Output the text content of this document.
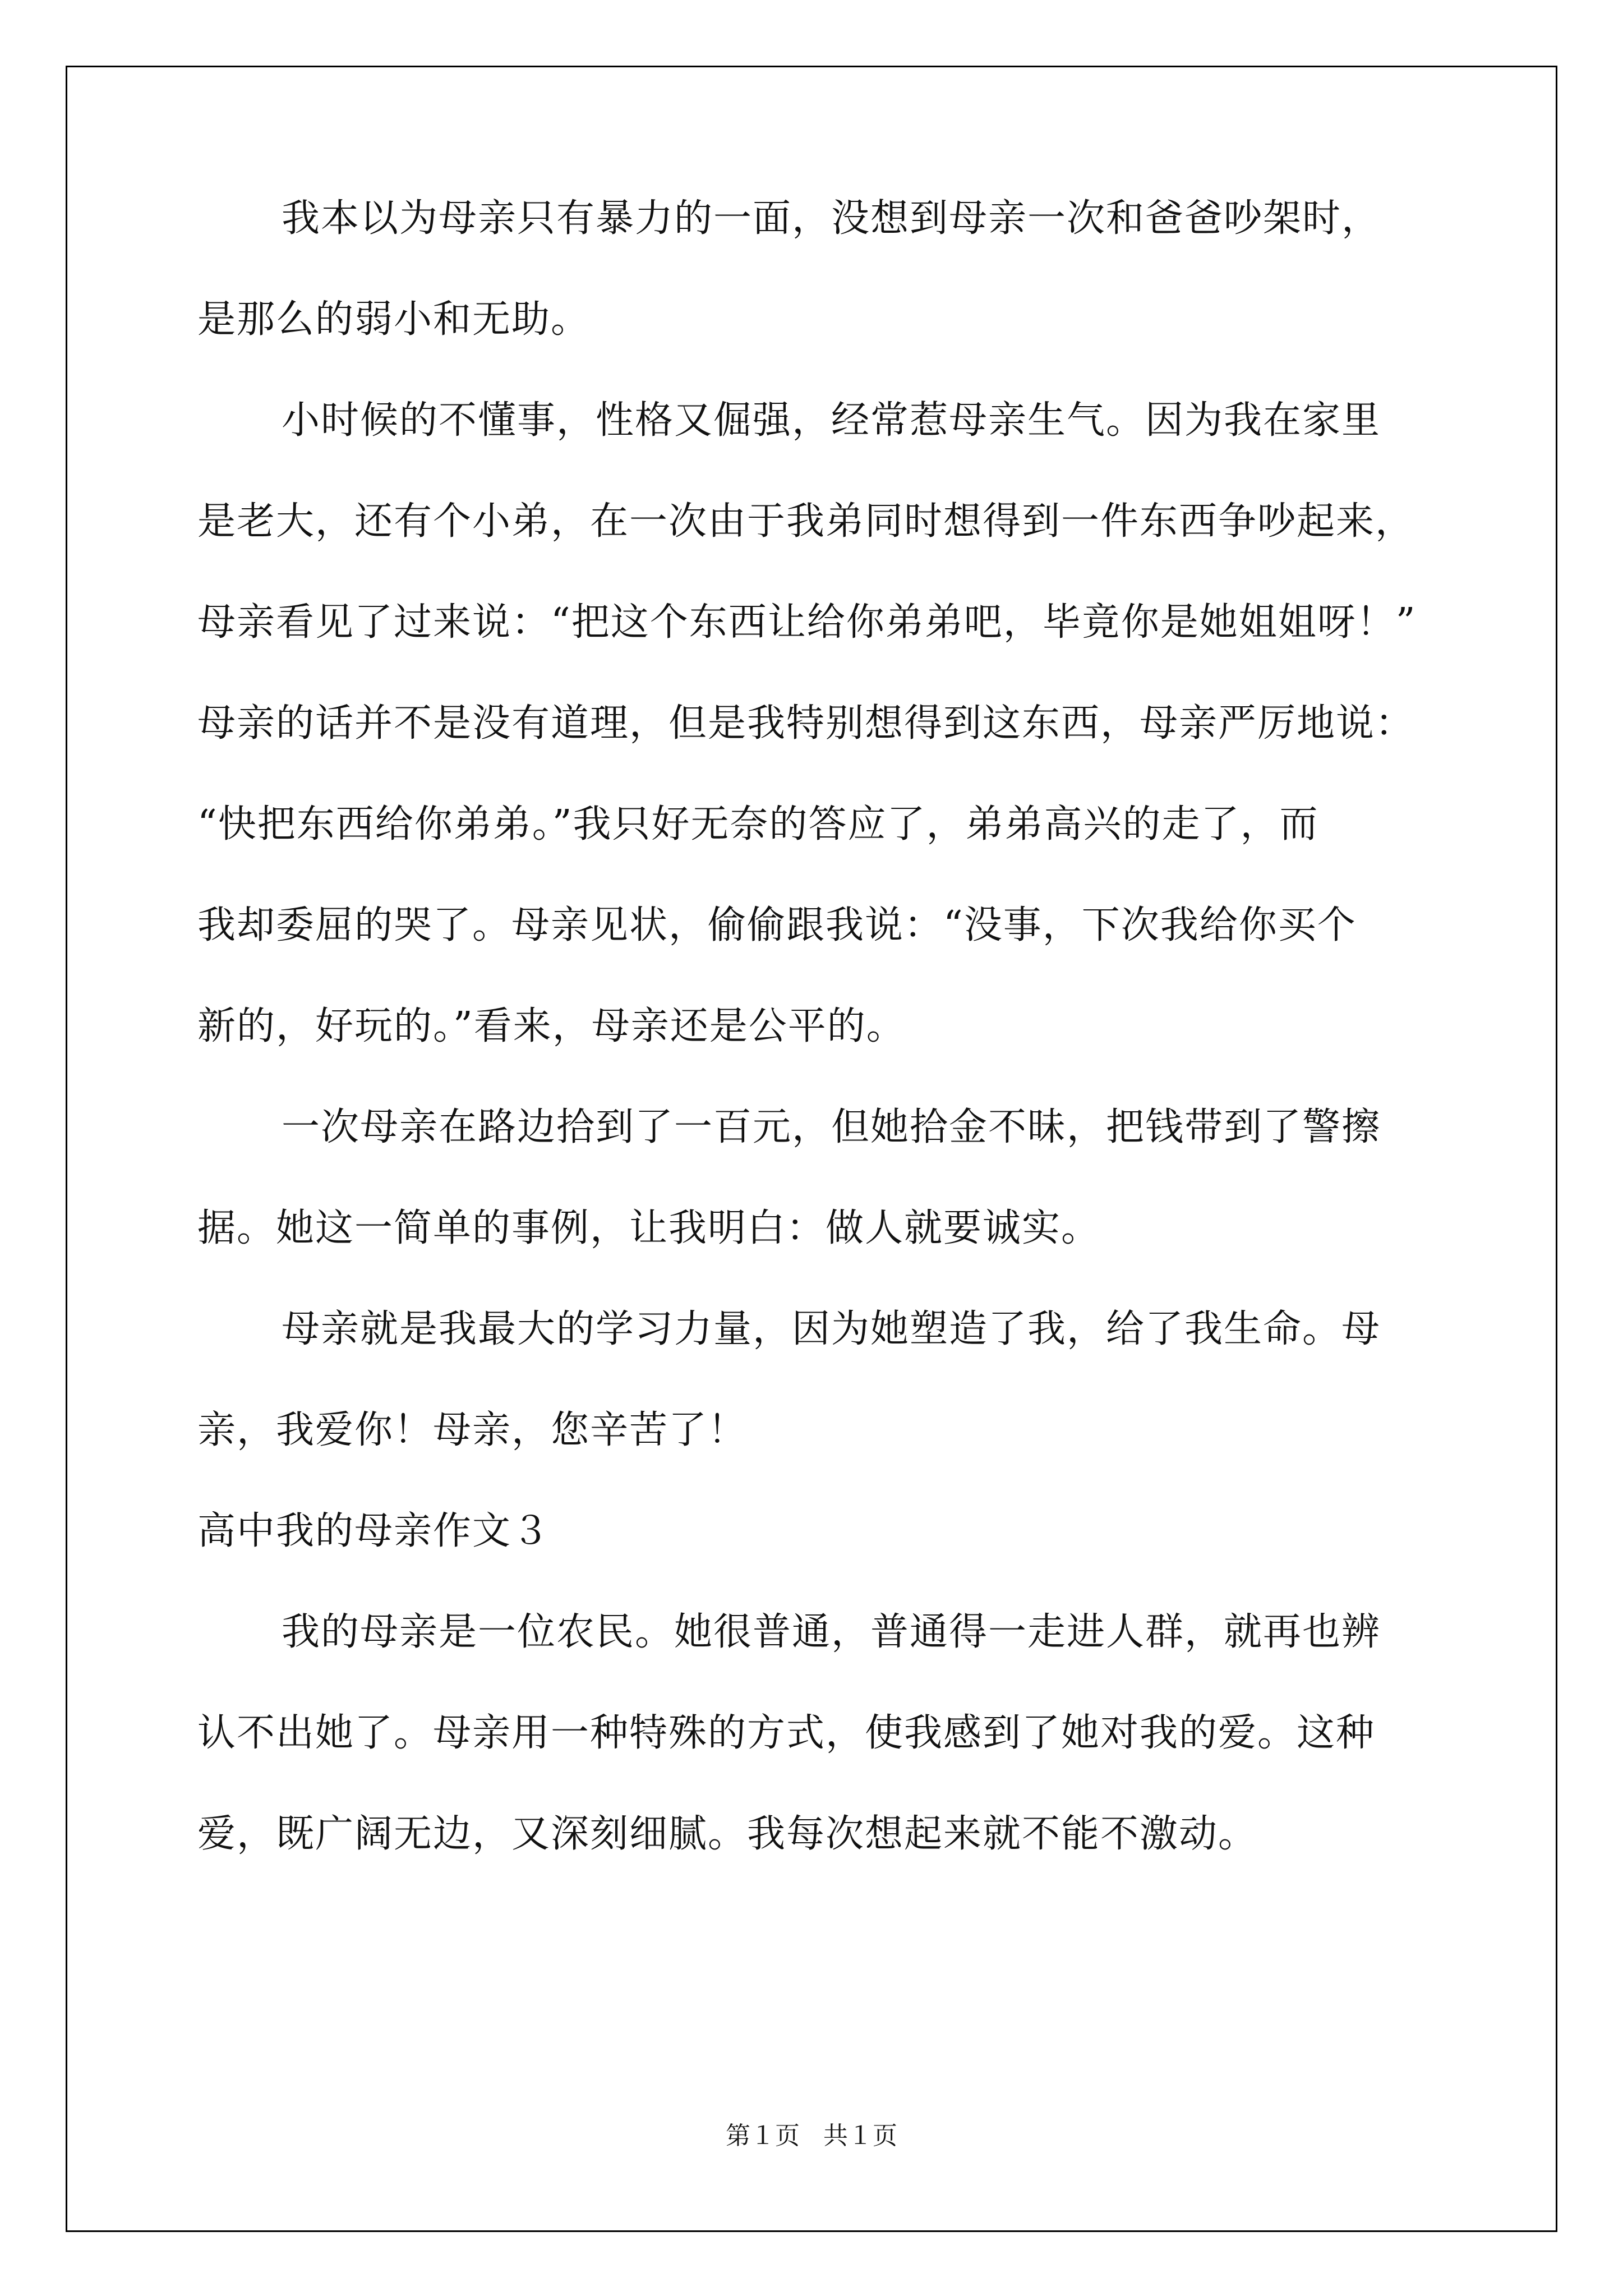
我本以为母亲只有暴力的一面，没想到母亲一次和爸爸吵架时，
是那么的弱小和无助。
小时候的不懂事，性格又倔强，经常惹母亲生气。因为我在家里
是老大，还有个小弟，在一次由于我弟同时想得到一件东西争吵起来，
母亲看见了过来说：“把这个东西让给你弟弟吧，毕竟你是她姐姐呀！”
母亲的话并不是没有道理，但是我特别想得到这东西，母亲严厉地说：
“快把东西给你弟弟。”我只好无奈的答应了，弟弟高兴的走了，而
我却委屈的哭了。母亲见状，偷偷跟我说：“没事，下次我给你买个
新的，好玩的。”看来，母亲还是公平的。
一次母亲在路边拾到了一百元，但她拾金不昧，把钱带到了警擦
据。她这一简单的事例，让我明白：做人就要诚实。
母亲就是我最大的学习力量，因为她塑造了我，给了我生命。母
亲，我爱你！母亲，您辛苦了！
高中我的母亲作文３
我的母亲是一位农民。她很普通，普通得一走进人群，就再也辨
认不出她了。母亲用一种特殊的方式，使我感到了她对我的爱。这种
爱，既广阔无边，又深刻细腻。我每次想起来就不能不激动。
第１页   共１页
